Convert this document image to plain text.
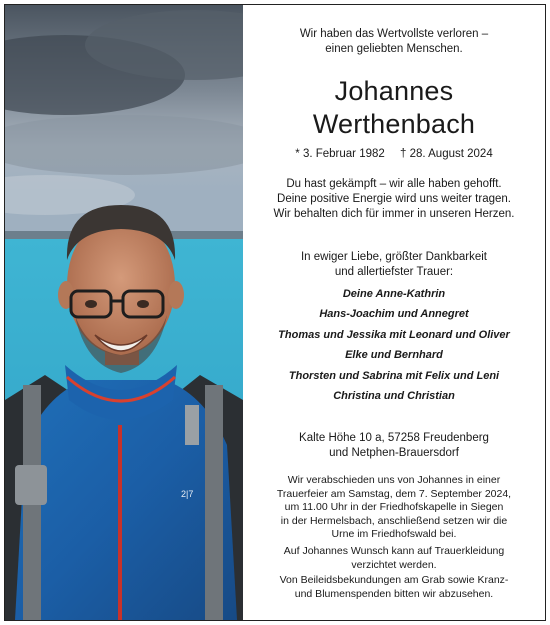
2|7
Wir haben das Wertvollste verloren –
einen geliebten Menschen.
Johannes
Werthenbach
* 3. Februar 1982 † 28. August 2024
Du hast gekämpft – wir alle haben gehofft.
Deine positive Energie wird uns weiter tragen.
Wir behalten dich für immer in unseren Herzen.
In ewiger Liebe, größter Dankbarkeit
und allertiefster Trauer:
Deine Anne-Kathrin
Hans-Joachim und Annegret
Thomas und Jessika mit Leonard und Oliver
Elke und Bernhard
Thorsten und Sabrina mit Felix und Leni
Christina und Christian
Kalte Höhe 10 a, 57258 Freudenberg
und Netphen-Brauersdorf
Wir verabschieden uns von Johannes in einer
Trauerfeier am Samstag, dem 7. September 2024,
um 11.00 Uhr in der Friedhofskapelle in Siegen
in der Hermelsbach, anschließend setzen wir die
Urne im Friedhofswald bei.
Auf Johannes Wunsch kann auf Trauerkleidung
verzichtet werden.
Von Beileidsbekundungen am Grab sowie Kranz-
und Blumenspenden bitten wir abzusehen.
